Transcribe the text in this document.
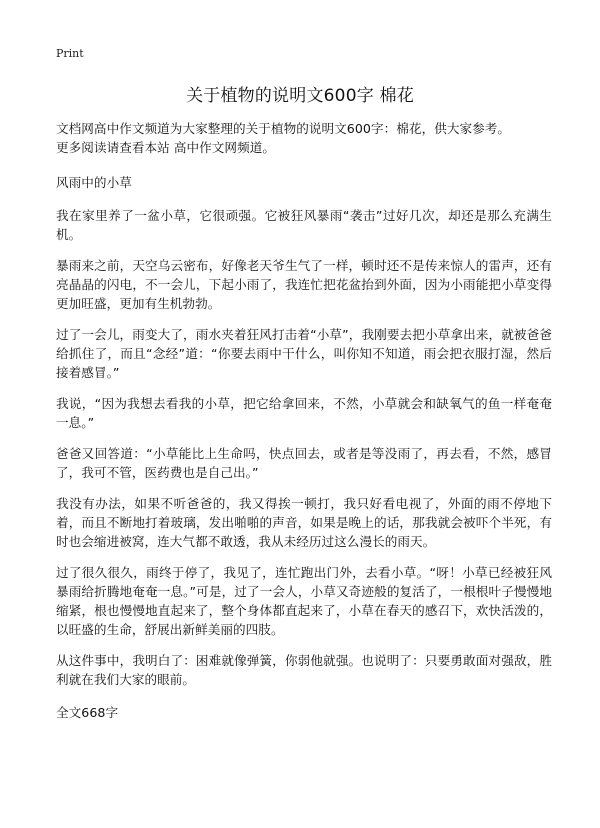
Print
关于植物的说明文600字 棉花

文档网高中作文频道为大家整理的关于植物的说明文600字：棉花，供大家参考。
更多阅读请查看本站 高中作文网频道。

风雨中的小草

我在家里养了一盆小草，它很顽强。它被狂风暴雨“袭击”过好几次，却还是那么充满生机。

暴雨来之前，天空乌云密布，好像老天爷生气了一样，顿时还不是传来惊人的雷声，还有亮晶晶的闪电，不一会儿，下起小雨了，我连忙把花盆抬到外面，因为小雨能把小草变得更加旺盛，更加有生机勃勃。

过了一会儿，雨变大了，雨水夹着狂风打击着“小草”，我刚要去把小草拿出来，就被爸爸给抓住了，而且“念经”道：“你要去雨中干什么，叫你知不知道，雨会把衣服打湿，然后接着感冒。”

我说，“因为我想去看我的小草，把它给拿回来，不然，小草就会和缺氧气的鱼一样奄奄一息。”

爸爸又回答道：“小草能比上生命吗，快点回去，或者是等没雨了，再去看，不然，感冒了，我可不管，医药费也是自己出。”

我没有办法，如果不听爸爸的，我又得挨一顿打，我只好看电视了，外面的雨不停地下着，而且不断地打着玻璃，发出啪啪的声音，如果是晚上的话，那我就会被吓个半死，有时也会缩进被窝，连大气都不敢透，我从未经历过这么漫长的雨天。

过了很久很久，雨终于停了，我见了，连忙跑出门外，去看小草。“呀！小草已经被狂风暴雨给折腾地奄奄一息。”可是，过了一会人，小草又奇迹般的复活了，一根根叶子慢慢地缩紧，根也慢慢地直起来了，整个身体都直起来了，小草在春天的感召下，欢快活泼的，以旺盛的生命，舒展出新鲜美丽的四肢。

从这件事中，我明白了：困难就像弹簧，你弱他就强。也说明了：只要勇敢面对强敌，胜利就在我们大家的眼前。

全文668字
